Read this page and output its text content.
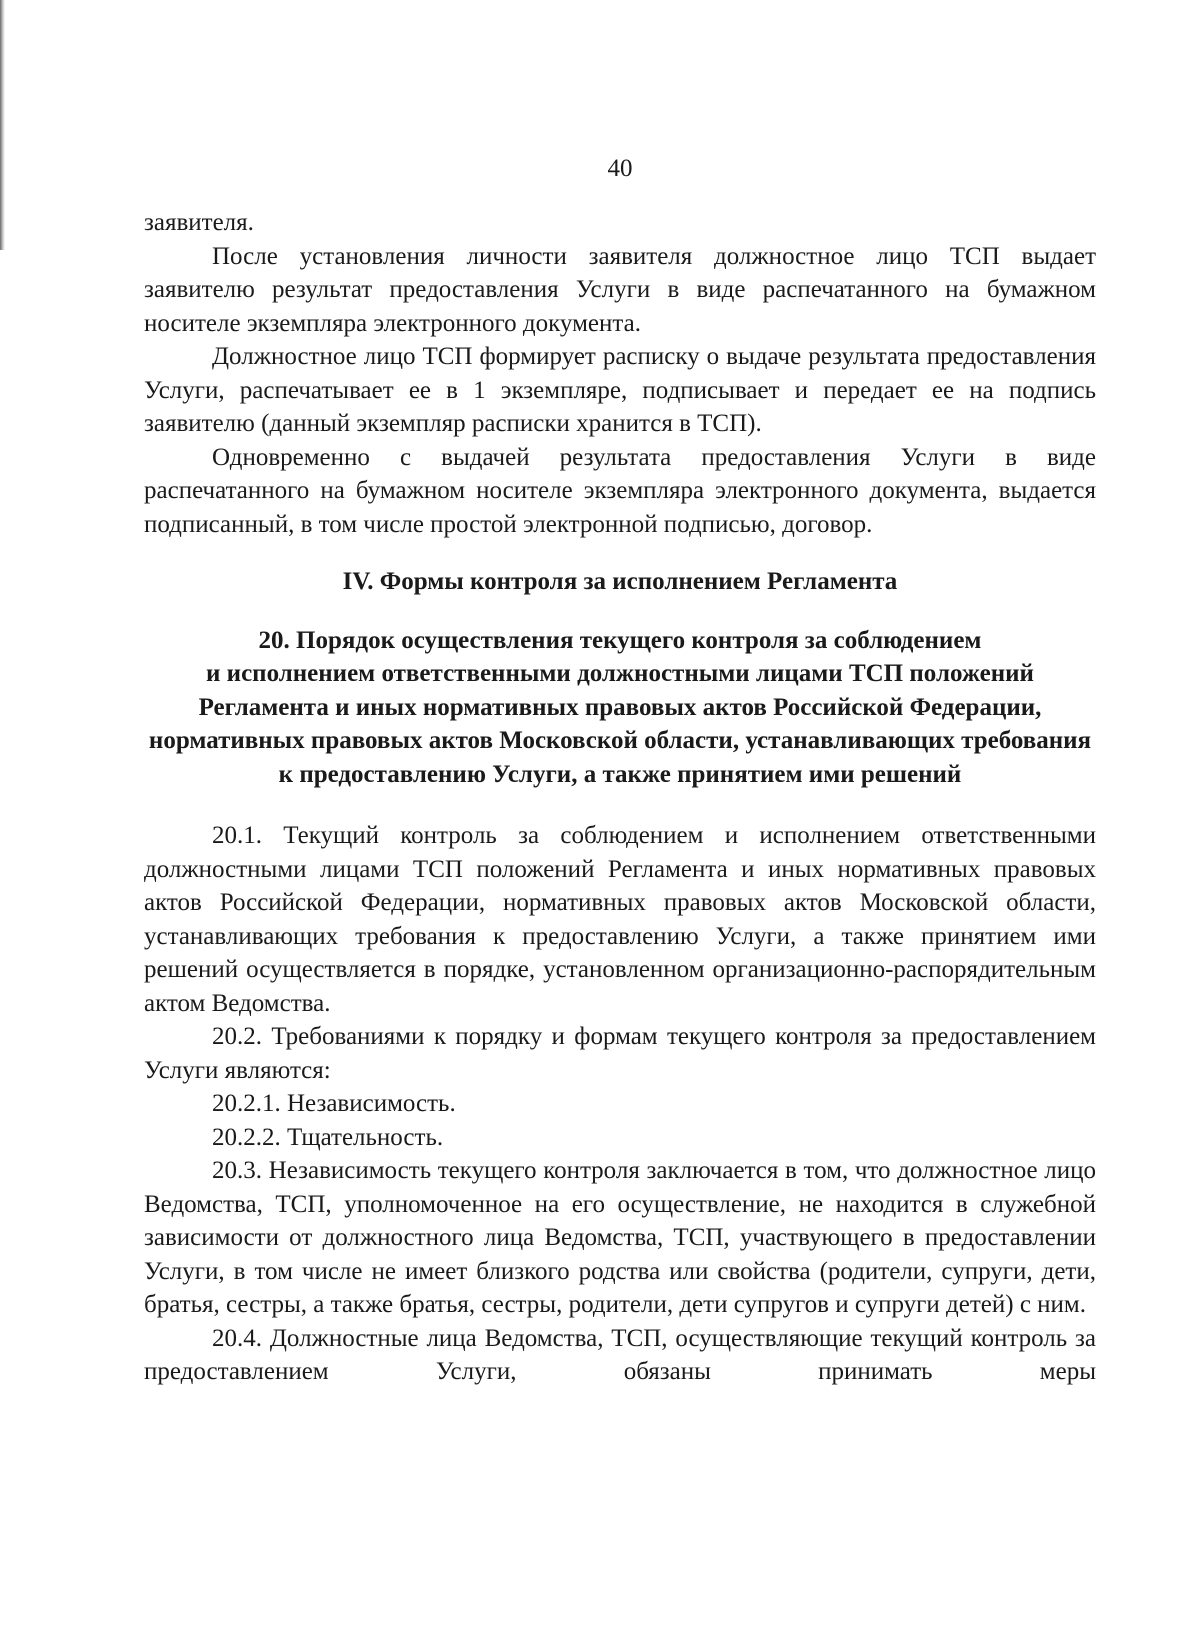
40

заявителя.

После установления личности заявителя должностное лицо ТСП выдает заявителю результат предоставления Услуги в виде распечатанного на бумажном носителе экземпляра электронного документа.

Должностное лицо ТСП формирует расписку о выдаче результата предоставления Услуги, распечатывает ее в 1 экземпляре, подписывает и передает ее на подпись заявителю (данный экземпляр расписки хранится в ТСП).

Одновременно с выдачей результата предоставления Услуги в виде распечатанного на бумажном носителе экземпляра электронного документа, выдается подписанный, в том числе простой электронной подписью, договор.

IV. Формы контроля за исполнением Регламента
20. Порядок осуществления текущего контроля за соблюдением
и исполнением ответственными должностными лицами ТСП положений
Регламента и иных нормативных правовых актов Российской Федерации,
нормативных правовых актов Московской области, устанавливающих требования
к предоставлению Услуги, а также принятием ими решений

20.1. Текущий контроль за соблюдением и исполнением ответственными должностными лицами ТСП положений Регламента и иных нормативных правовых актов Российской Федерации, нормативных правовых актов Московской области, устанавливающих требования к предоставлению Услуги, а также принятием ими решений осуществляется в порядке, установленном организационно-распорядительным актом Ведомства.

20.2. Требованиями к порядку и формам текущего контроля за предоставлением Услуги являются:

20.2.1. Независимость.

20.2.2. Тщательность.

20.3. Независимость текущего контроля заключается в том, что должностное лицо Ведомства, ТСП, уполномоченное на его осуществление, не находится в служебной зависимости от должностного лица Ведомства, ТСП, участвующего в предоставлении Услуги, в том числе не имеет близкого родства или свойства (родители, супруги, дети, братья, сестры, а также братья, сестры, родители, дети супругов и супруги детей) с ним.

20.4. Должностные лица Ведомства, ТСП, осуществляющие текущий контроль за предоставлением Услуги, обязаны принимать меры
